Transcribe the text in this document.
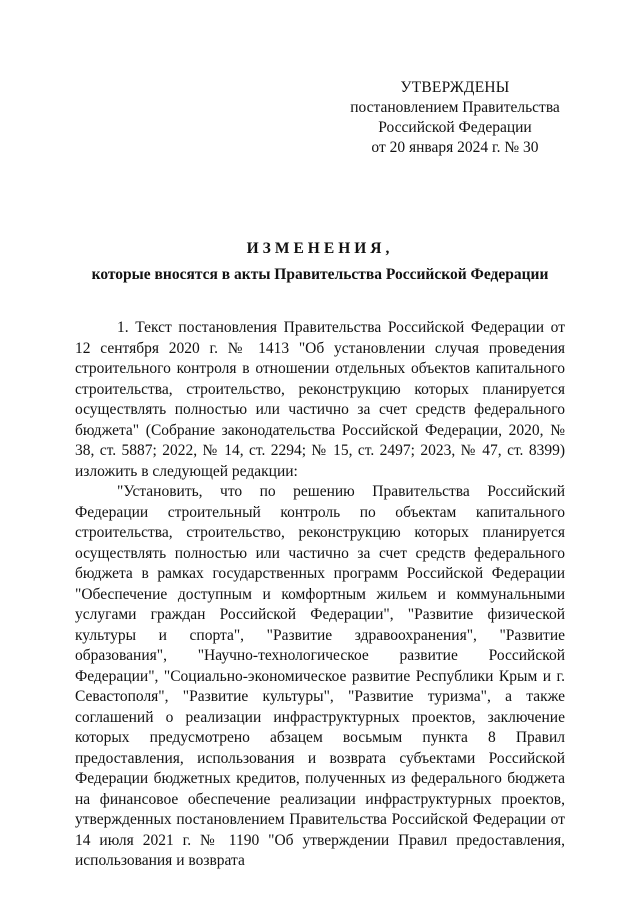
УТВЕРЖДЕНЫ
постановлением Правительства
Российской Федерации
от 20 января 2024 г. № 30
ИЗМЕНЕНИЯ,
которые вносятся в акты Правительства Российской Федерации

1. Текст постановления Правительства Российской Федерации от 12 сентября 2020 г. № 1413 "Об установлении случая проведения строительного контроля в отношении отдельных объектов капитального строительства, строительство, реконструкцию которых планируется осуществлять полностью или частично за счет средств федерального бюджета" (Собрание законодательства Российской Федерации, 2020, № 38, ст. 5887; 2022, № 14, ст. 2294; № 15, ст. 2497; 2023, № 47, ст. 8399) изложить в следующей редакции:

"Установить, что по решению Правительства Российский Федерации строительный контроль по объектам капитального строительства, строительство, реконструкцию которых планируется осуществлять полностью или частично за счет средств федерального бюджета в рамках государственных программ Российской Федерации "Обеспечение доступным и комфортным жильем и коммунальными услугами граждан Российской Федерации", "Развитие физической культуры и спорта", "Развитие здравоохранения", "Развитие образования", "Научно-технологическое развитие Российской Федерации", "Социально-экономическое развитие Республики Крым и г. Севастополя", "Развитие культуры", "Развитие туризма", а также соглашений о реализации инфраструктурных проектов, заключение которых предусмотрено абзацем восьмым пункта 8 Правил предоставления, использования и возврата субъектами Российской Федерации бюджетных кредитов, полученных из федерального бюджета на финансовое обеспечение реализации инфраструктурных проектов, утвержденных постановлением Правительства Российской Федерации от 14 июля 2021 г. № 1190 "Об утверждении Правил предоставления, использования и возврата
